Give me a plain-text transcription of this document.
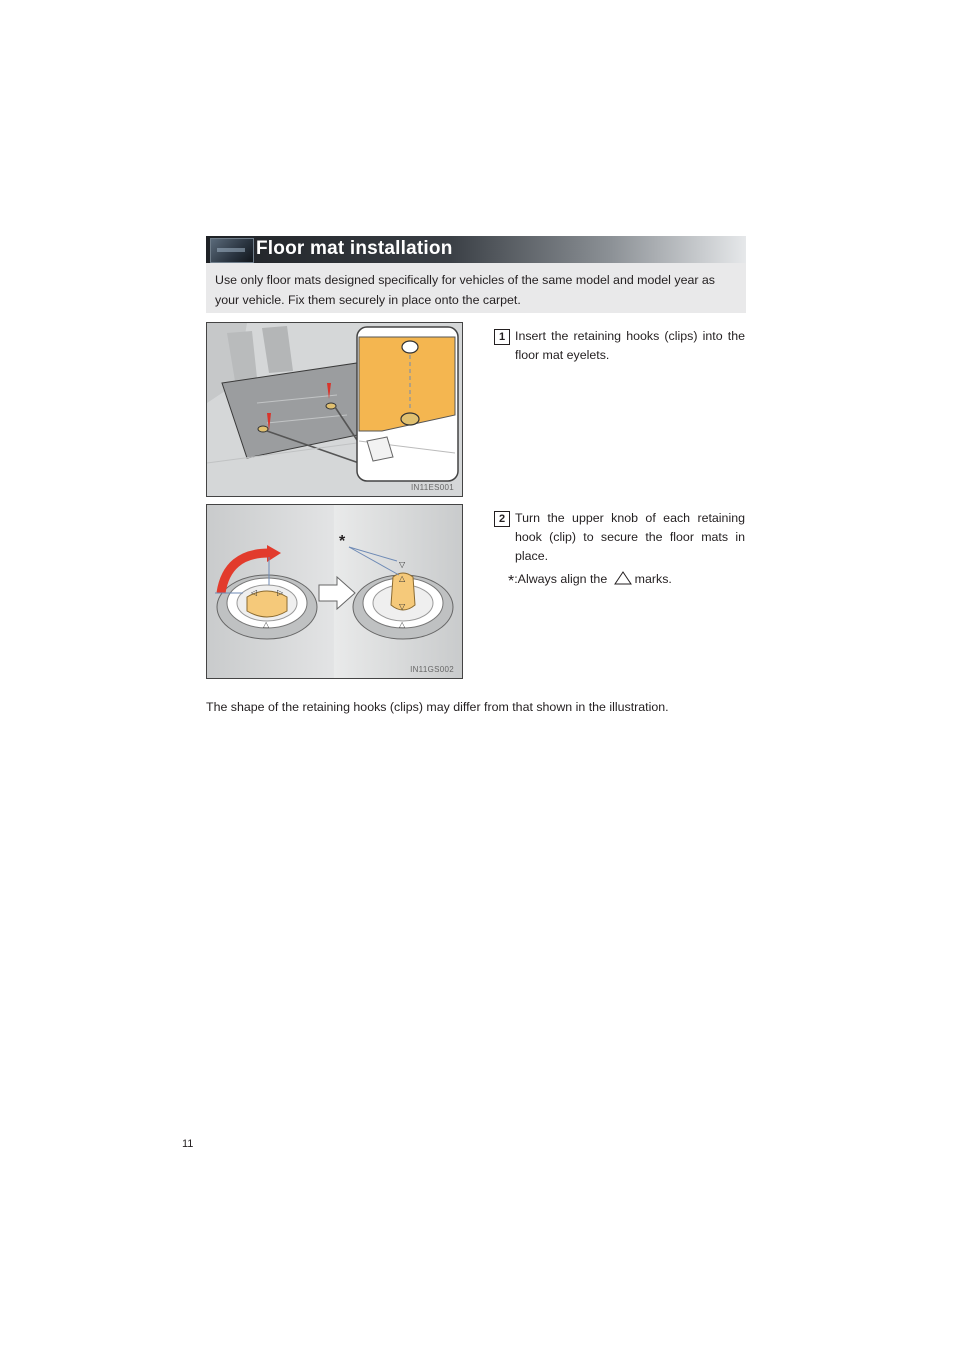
Floor mat installation
Use only floor mats designed specifically for vehicles of the same model and model year as your vehicle. Fix them securely in place onto the carpet.
IN11ES001
1 Insert the retaining hooks (clips) into the floor mat eyelets.
◁ ▷
△
△
▽
▽
△
*
IN11GS002
2 Turn the upper knob of each retaining hook (clip) to secure the floor mats in place.
*:Always align the marks.
The shape of the retaining hooks (clips) may differ from that shown in the illustration.
11
